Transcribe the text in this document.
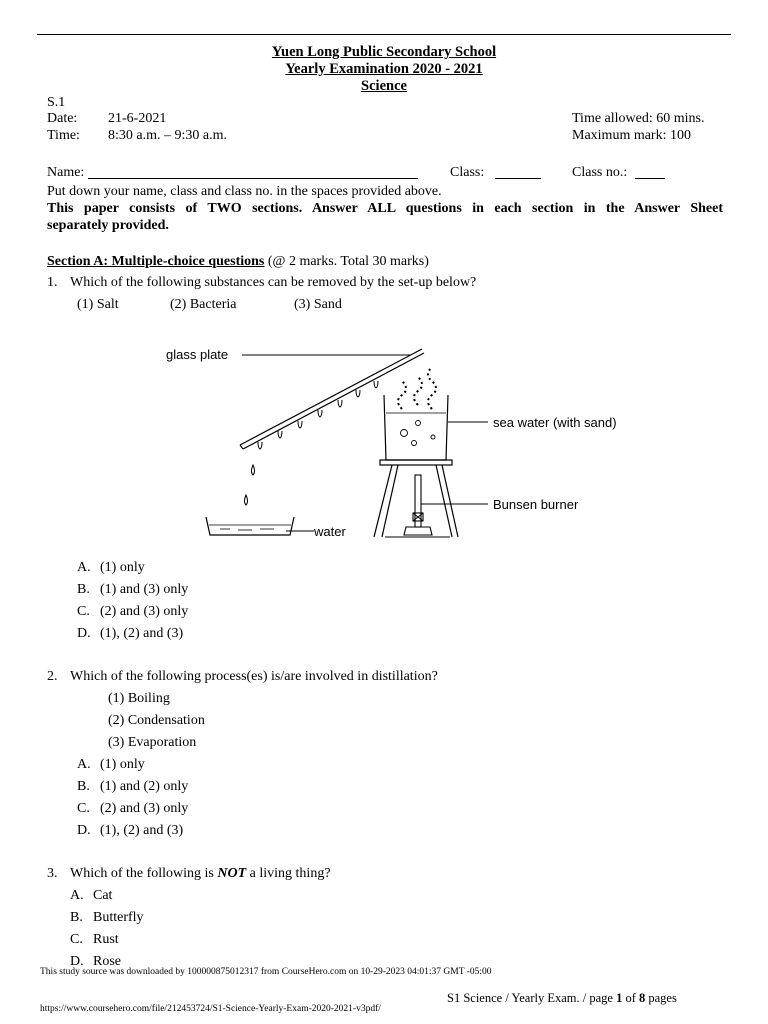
Yuen Long Public Secondary School
Yearly Examination 2020 - 2021
Science
S.1
Date: 21-6-2021
Time: 8:30 a.m. – 9:30 a.m.
Time allowed: 60 mins.
Maximum mark: 100
Name:	Class:	Class no.:
Put down your name, class and class no. in the spaces provided above.
This paper consists of TWO sections. Answer ALL questions in each section in the Answer Sheet
separately provided.
Section A: Multiple-choice questions (@ 2 marks. Total 30 marks)
1. Which of the following substances can be removed by the set-up below?
(1) Salt	(2) Bacteria	(3) Sand
glass plate
water
sea water (with sand)
Bunsen burner
A. (1) only
B. (1) and (3) only
C. (2) and (3) only
D. (1), (2) and (3)
2. Which of the following process(es) is/are involved in distillation?
(1) Boiling
(2) Condensation
(3) Evaporation
A. (1) only
B. (1) and (2) only
C. (2) and (3) only
D. (1), (2) and (3)
3. Which of the following is NOT a living thing?
A. Cat
B. Butterfly
C. Rust
D. Rose
This study source was downloaded by 100000875012317 from CourseHero.com on 10-29-2023 04:01:37 GMT -05:00
S1 Science / Yearly Exam. / page 1 of 8 pages
https://www.coursehero.com/file/212453724/S1-Science-Yearly-Exam-2020-2021-v3pdf/
